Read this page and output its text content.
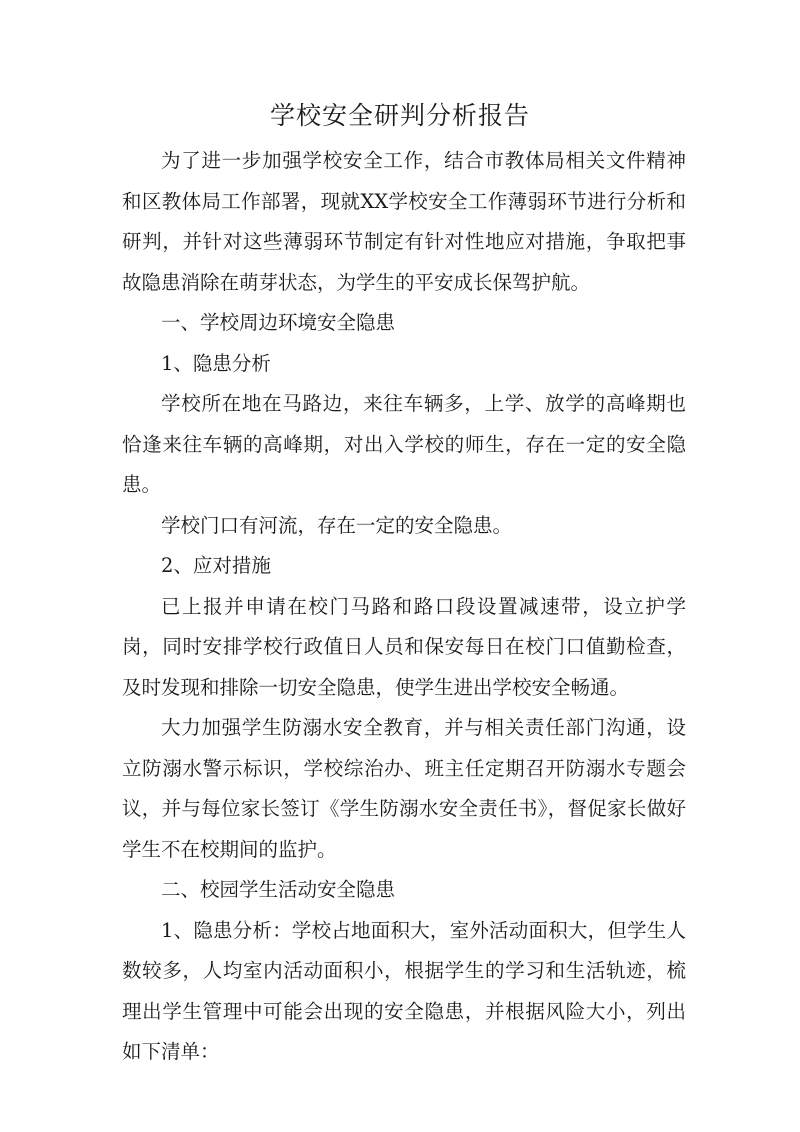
学校安全研判分析报告

为了进一步加强学校安全工作，结合市教体局相关文件精神和区教体局工作部署，现就XX学校安全工作薄弱环节进行分析和研判，并针对这些薄弱环节制定有针对性地应对措施，争取把事故隐患消除在萌芽状态，为学生的平安成长保驾护航。

一、学校周边环境安全隐患

1、隐患分析

学校所在地在马路边，来往车辆多，上学、放学的高峰期也恰逢来往车辆的高峰期，对出入学校的师生，存在一定的安全隐患。

学校门口有河流，存在一定的安全隐患。

2、应对措施

已上报并申请在校门马路和路口段设置减速带，设立护学岗，同时安排学校行政值日人员和保安每日在校门口值勤检查，及时发现和排除一切安全隐患，使学生进出学校安全畅通。

大力加强学生防溺水安全教育，并与相关责任部门沟通，设立防溺水警示标识，学校综治办、班主任定期召开防溺水专题会议，并与每位家长签订《学生防溺水安全责任书》，督促家长做好学生不在校期间的监护。

二、校园学生活动安全隐患

1、隐患分析：学校占地面积大，室外活动面积大，但学生人数较多，人均室内活动面积小，根据学生的学习和生活轨迹，梳理出学生管理中可能会出现的安全隐患，并根据风险大小，列出如下清单：
